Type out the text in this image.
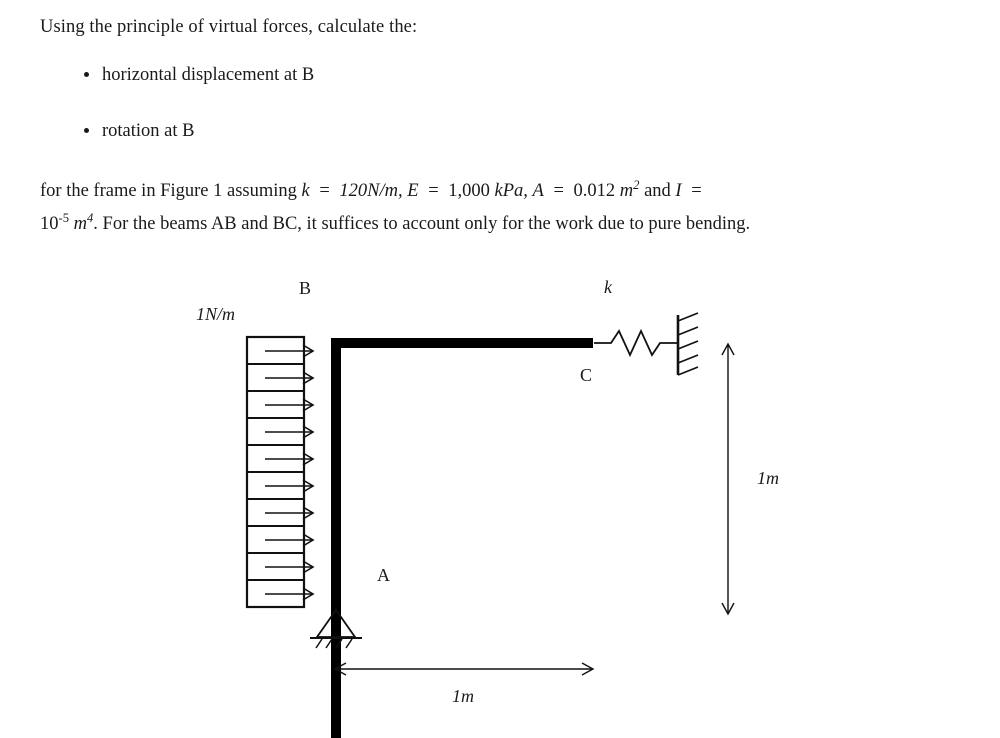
Using the principle of virtual forces, calculate the:
horizontal displacement at B
rotation at B
for the frame in Figure 1 assuming k = 120N/m, E = 1,000 kPa, A = 0.012 $m^2$ and I =
$10^{-5}$ $m^4$. For the beams AB and BC, it suffices to account only for the work due to pure bending.
B
A
C
k
1N/m
1m
1m
